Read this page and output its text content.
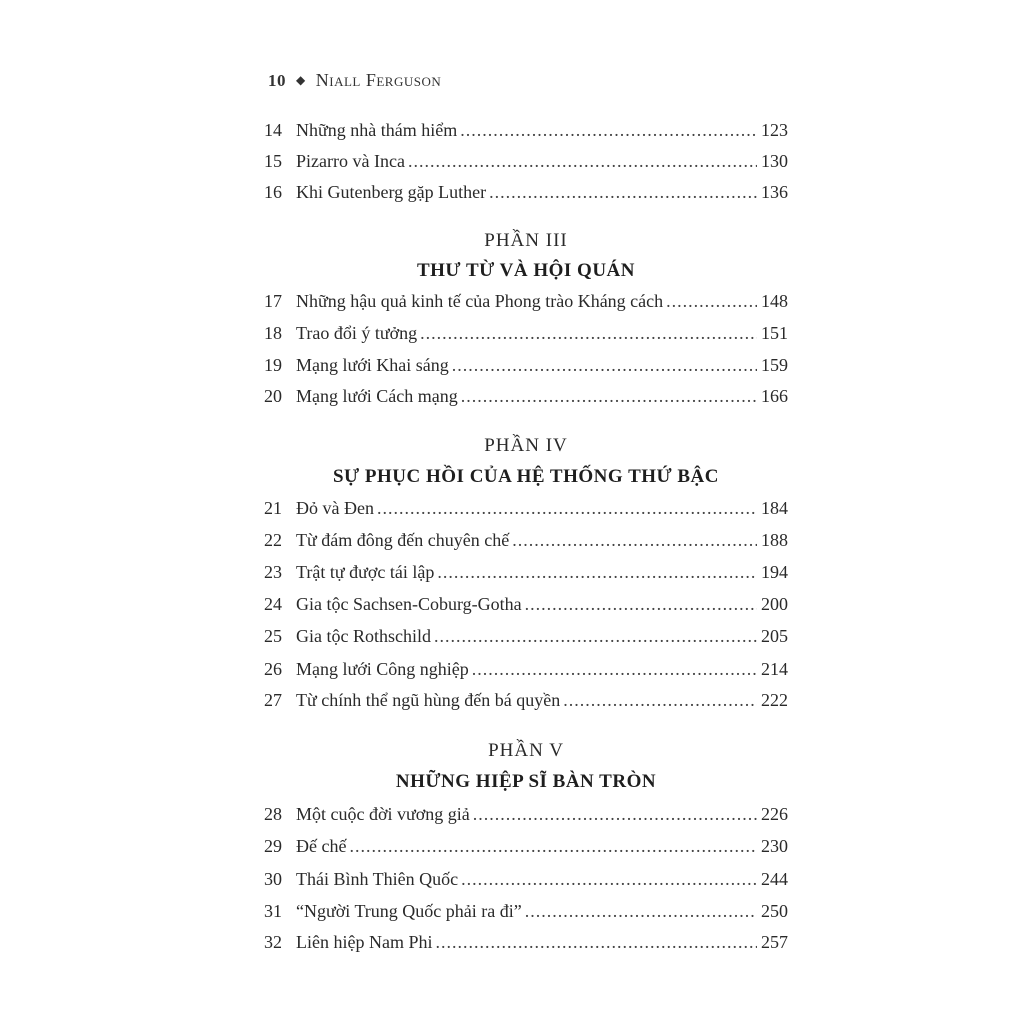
10 ◆ Niall Ferguson
14 Những nhà thám hiểm .....	123
15 Pizarro và Inca .....	130
16 Khi Gutenberg gặp Luther .....	136
PHẦN III
THƯ TỪ VÀ HỘI QUÁN
17 Những hậu quả kinh tế của Phong trào Kháng cách .....	148
18 Trao đổi ý tưởng .....	151
19 Mạng lưới Khai sáng .....	159
20 Mạng lưới Cách mạng .....	166
PHẦN IV
SỰ PHỤC HỒI CỦA HỆ THỐNG THỨ BẬC
21 Đỏ và Đen .....	184
22 Từ đám đông đến chuyên chế .....	188
23 Trật tự được tái lập .....	194
24 Gia tộc Sachsen-Coburg-Gotha .....	200
25 Gia tộc Rothschild .....	205
26 Mạng lưới Công nghiệp .....	214
27 Từ chính thể ngũ hùng đến bá quyền .....	222
PHẦN V
NHỮNG HIỆP SĨ BÀN TRÒN
28 Một cuộc đời vương giả .....	226
29 Đế chế .....	230
30 Thái Bình Thiên Quốc .....	244
31 “Người Trung Quốc phải ra đi” .....	250
32 Liên hiệp Nam Phi .....	257
